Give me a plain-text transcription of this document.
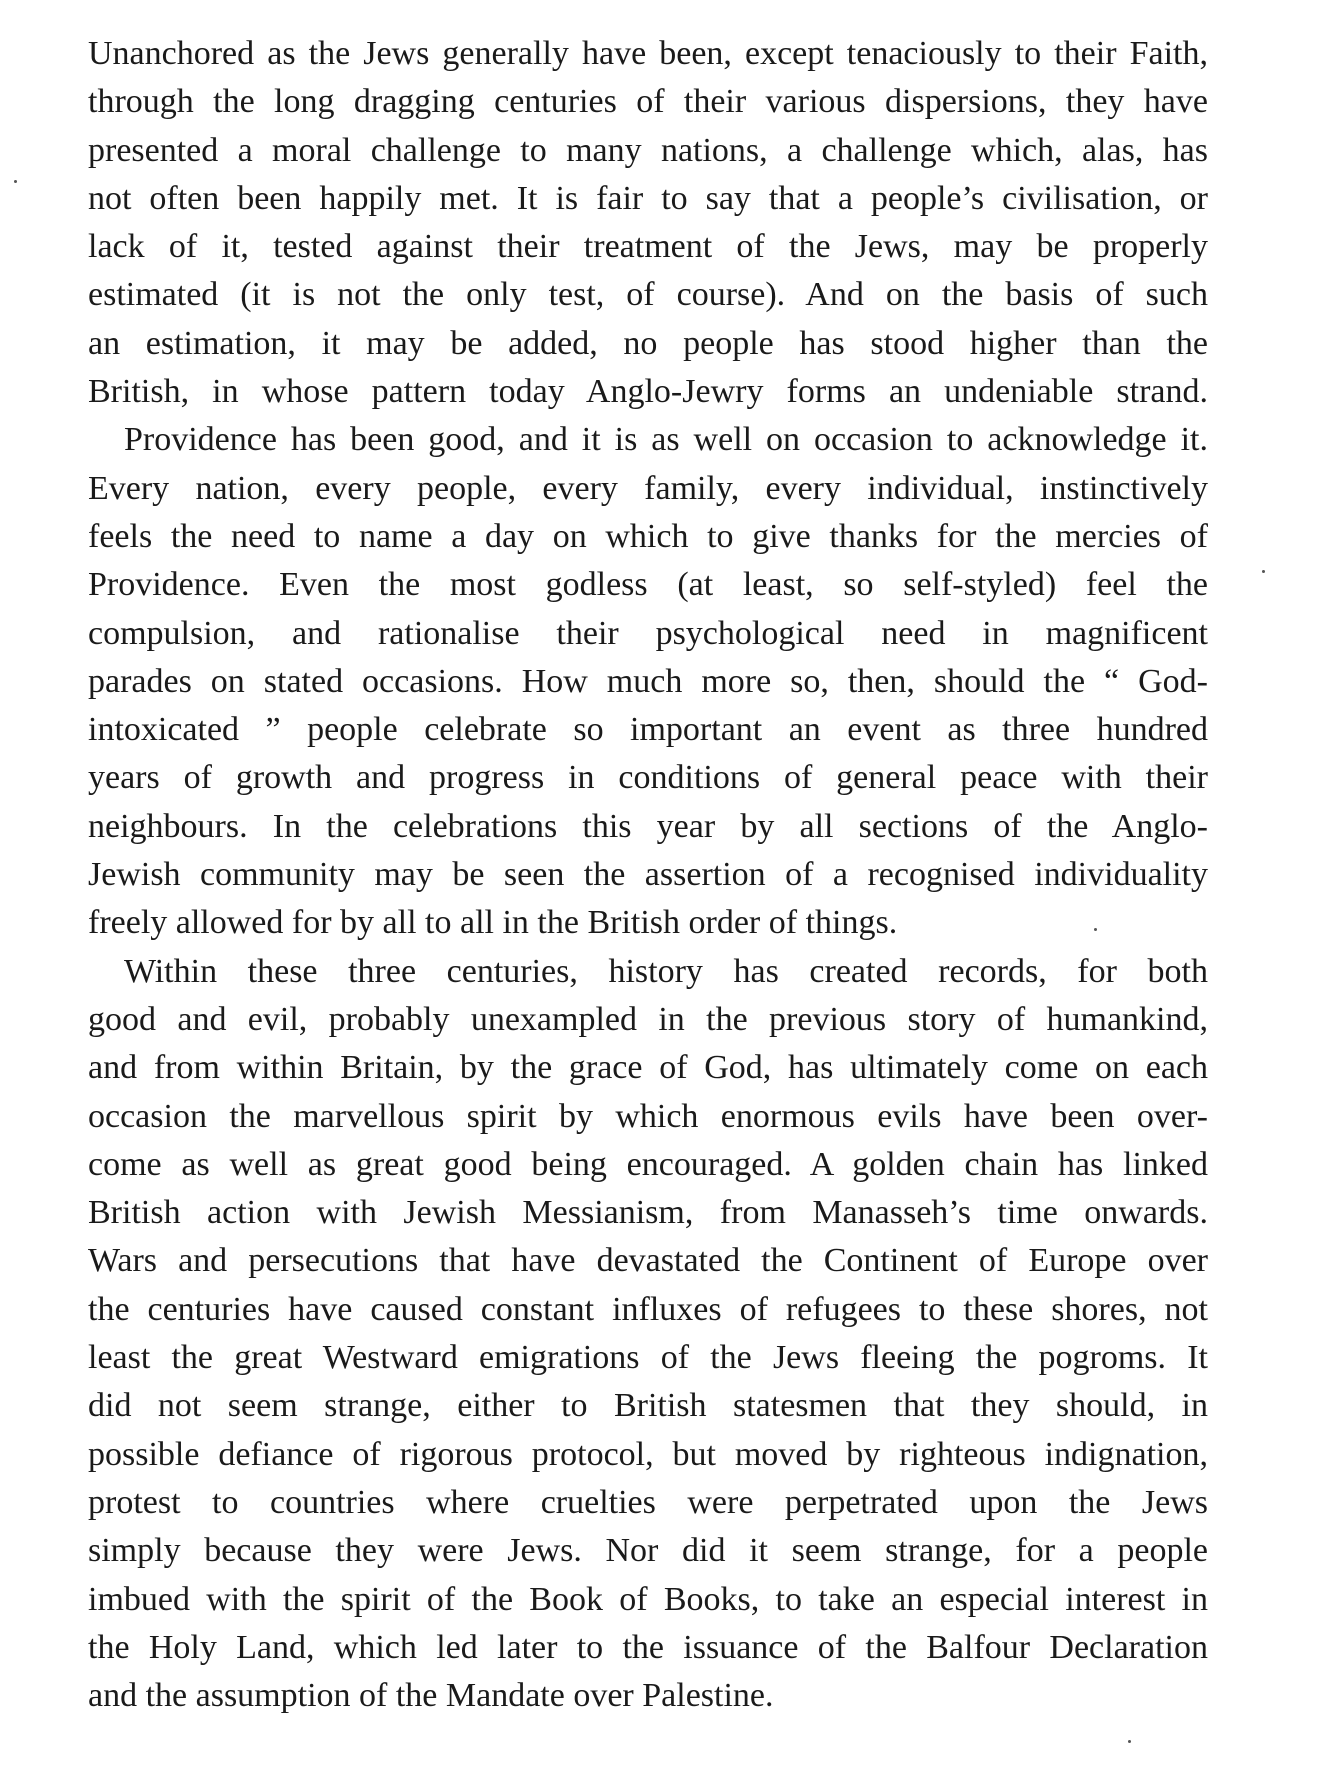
Unanchored as the Jews generally have been, except tenaciously to their Faith,
through the long dragging centuries of their various dispersions, they have
presented a moral challenge to many nations, a challenge which, alas, has
not often been happily met. It is fair to say that a people’s civilisation, or
lack of it, tested against their treatment of the Jews, may be properly
estimated (it is not the only test, of course). And on the basis of such
an estimation, it may be added, no people has stood higher than the
British, in whose pattern today Anglo-Jewry forms an undeniable strand.
Providence has been good, and it is as well on occasion to acknowledge it.
Every nation, every people, every family, every individual, instinctively
feels the need to name a day on which to give thanks for the mercies of
Providence. Even the most godless (at least, so self-styled) feel the
compulsion, and rationalise their psychological need in magnificent
parades on stated occasions. How much more so, then, should the “ God-
intoxicated ” people celebrate so important an event as three hundred
years of growth and progress in conditions of general peace with their
neighbours. In the celebrations this year by all sections of the Anglo-
Jewish community may be seen the assertion of a recognised individuality
freely allowed for by all to all in the British order of things.
Within these three centuries, history has created records, for both
good and evil, probably unexampled in the previous story of humankind,
and from within Britain, by the grace of God, has ultimately come on each
occasion the marvellous spirit by which enormous evils have been over-
come as well as great good being encouraged. A golden chain has linked
British action with Jewish Messianism, from Manasseh’s time onwards.
Wars and persecutions that have devastated the Continent of Europe over
the centuries have caused constant influxes of refugees to these shores, not
least the great Westward emigrations of the Jews fleeing the pogroms. It
did not seem strange, either to British statesmen that they should, in
possible defiance of rigorous protocol, but moved by righteous indignation,
protest to countries where cruelties were perpetrated upon the Jews
simply because they were Jews. Nor did it seem strange, for a people
imbued with the spirit of the Book of Books, to take an especial interest in
the Holy Land, which led later to the issuance of the Balfour Declaration
and the assumption of the Mandate over Palestine.
